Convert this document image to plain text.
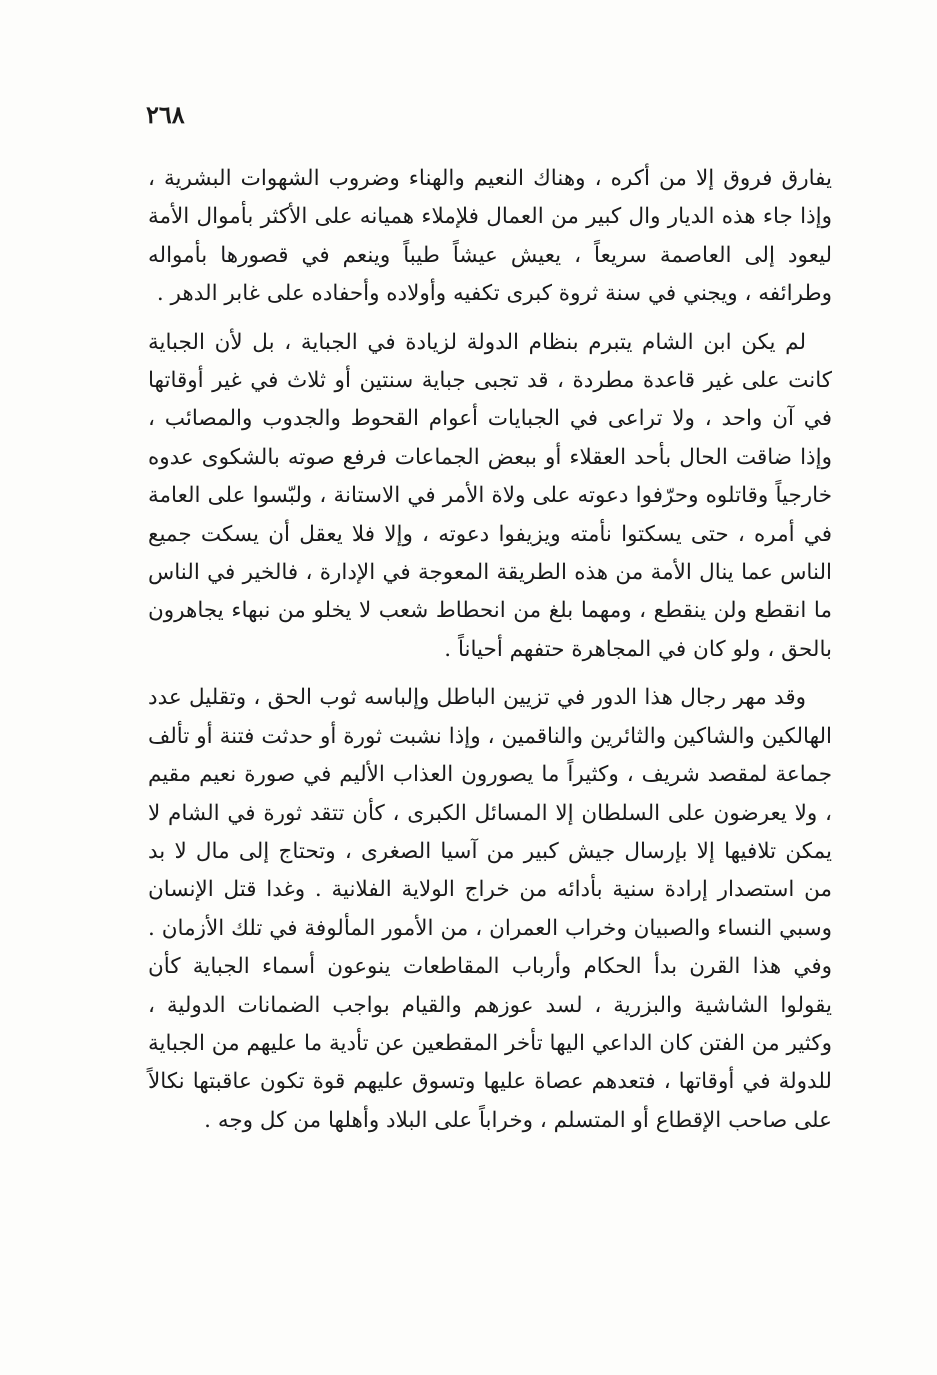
٢٦٨

يفارق فروق إلا من أكره ، وهناك النعيم والهناء وضروب الشهوات البشرية ، وإذا جاء هذه الديار وال كبير من العمال فلإملاء هميانه على الأكثر بأموال الأمة ليعود إلى العاصمة سريعاً ، يعيش عيشاً طيباً وينعم في قصورها بأمواله وطرائفه ، ويجني في سنة ثروة كبرى تكفيه وأولاده وأحفاده على غابر الدهر .

لم يكن ابن الشام يتبرم بنظام الدولة لزيادة في الجباية ، بل لأن الجباية كانت على غير قاعدة مطردة ، قد تجبى جباية سنتين أو ثلاث في غير أوقاتها في آن واحد ، ولا تراعى في الجبايات أعوام القحوط والجدوب والمصائب ، وإذا ضاقت الحال بأحد العقلاء أو ببعض الجماعات فرفع صوته بالشكوى عدوه خارجياً وقاتلوه وحرّفوا دعوته على ولاة الأمر في الاستانة ، ولبّسوا على العامة في أمره ، حتى يسكتوا نأمته ويزيفوا دعوته ، وإلا فلا يعقل أن يسكت جميع الناس عما ينال الأمة من هذه الطريقة المعوجة في الإدارة ، فالخير في الناس ما انقطع ولن ينقطع ، ومهما بلغ من انحطاط شعب لا يخلو من نبهاء يجاهرون بالحق ، ولو كان في المجاهرة حتفهم أحياناً .

وقد مهر رجال هذا الدور في تزيين الباطل وإلباسه ثوب الحق ، وتقليل عدد الهالكين والشاكين والثائرين والناقمين ، وإذا نشبت ثورة أو حدثت فتنة أو تألف جماعة لمقصد شريف ، وكثيراً ما يصورون العذاب الأليم في صورة نعيم مقيم ، ولا يعرضون على السلطان إلا المسائل الكبرى ، كأن تتقد ثورة في الشام لا يمكن تلافيها إلا بإرسال جيش كبير من آسيا الصغرى ، وتحتاج إلى مال لا بد من استصدار إرادة سنية بأدائه من خراج الولاية الفلانية . وغدا قتل الإنسان وسبي النساء والصبيان وخراب العمران ، من الأمور المألوفة في تلك الأزمان . وفي هذا القرن بدأ الحكام وأرباب المقاطعات ينوعون أسماء الجباية كأن يقولوا الشاشية والبزرية ، لسد عوزهم والقيام بواجب الضمانات الدولية ، وكثير من الفتن كان الداعي اليها تأخر المقطعين عن تأدية ما عليهم من الجباية للدولة في أوقاتها ، فتعدهم عصاة عليها وتسوق عليهم قوة تكون عاقبتها نكالاً على صاحب الإقطاع أو المتسلم ، وخراباً على البلاد وأهلها من كل وجه .
